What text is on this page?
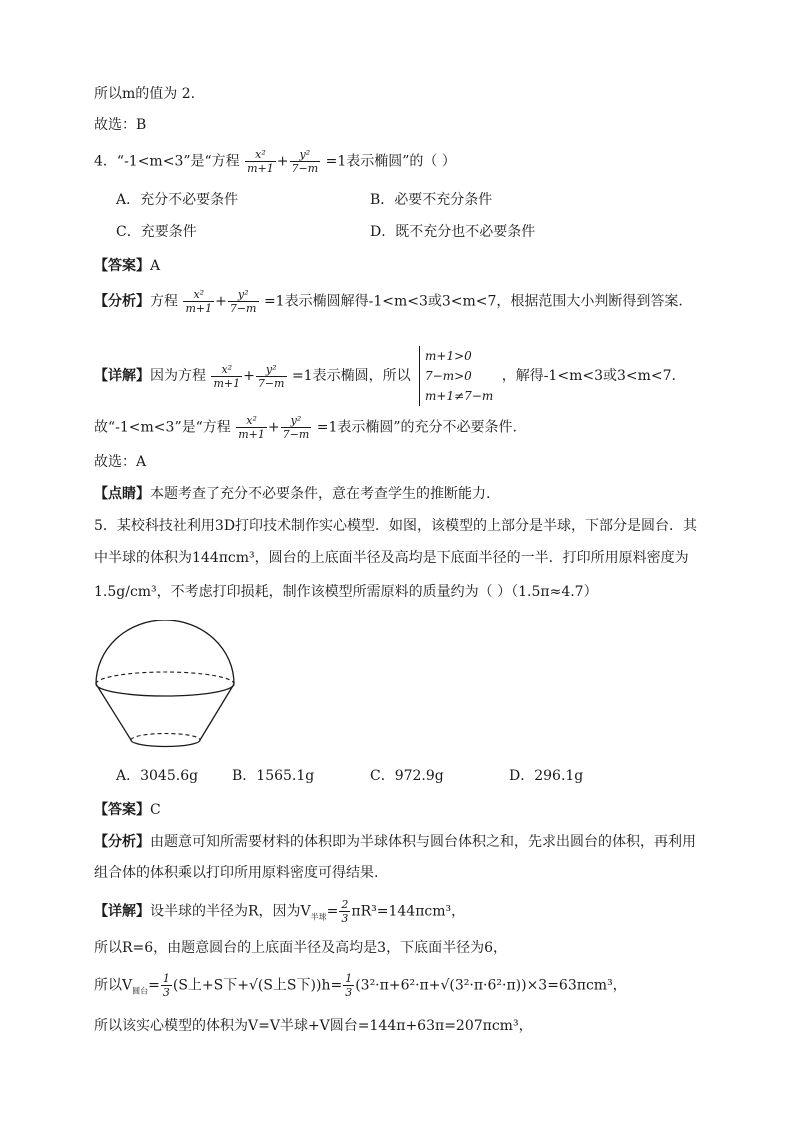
所以m的值为 2.
故选：B
4．“-1<m<3”是“方程 $\frac{\text{x²}}{m+1} + \frac{\text{y²}}{7-m} =1$表示椭圆”的（ ）
A．充分不必要条件	B．必要不充分条件
C．充要条件	D．既不充分也不必要条件
【答案】A
【分析】方程 $\frac{\text{x²}}{m+1} + \frac{\text{y²}}{7-m} =1$表示椭圆解得-1<m<3或3<m<7，根据范围大小判断得到答案.
【详解】因为方程 $\frac{\text{x²}}{m+1} + \frac{\text{y²}}{7-m} =1$表示椭圆，所以
m+1>0
7−m>0
m+1≠7−m
，解得-1<m<3或3<m<7.
故“-1<m<3”是“方程 $\frac{\text{x²}}{m+1} + \frac{\text{y²}}{7-m} =1$表示椭圆”的充分不必要条件.
故选：A
【点睛】本题考查了充分不必要条件，意在考查学生的推断能力.
5．某校科技社利用3D打印技术制作实心模型．如图，该模型的上部分是半球，下部分是圆台．其
中半球的体积为144πcm³，圆台的上底面半径及高均是下底面半径的一半．打印所用原料密度为
1.5g/cm³，不考虑打印损耗，制作该模型所需原料的质量约为（ ）（1.5π≈4.7）
A．3045.6g B．1565.1g	C．972.9g	D．296.1g
【答案】C
【分析】由题意可知所需要材料的体积即为半球体积与圆台体积之和，先求出圆台的体积，再利用
组合体的体积乘以打印所用原料密度可得结果.
【详解】设半球的半径为R，因为$V_{半球}= \frac{2}{3} \pi R^3=144\pi cm^3$，
所以R=6，由题意圆台的上底面半径及高均是3，下底面半径为6，
所以$V_{圆台}= \frac{1}{3} (S$上+S下+√(S上S下))$h= \frac{1}{3} (3^2\cdot\pi+6^2\cdot\pi+√(3^2\cdot\pi\cdot 6^2\cdot\pi))\times 3=63\pi cm^3$，
所以该实心模型的体积为V=V半球+V圆台=144π+63π=207πcm³，
